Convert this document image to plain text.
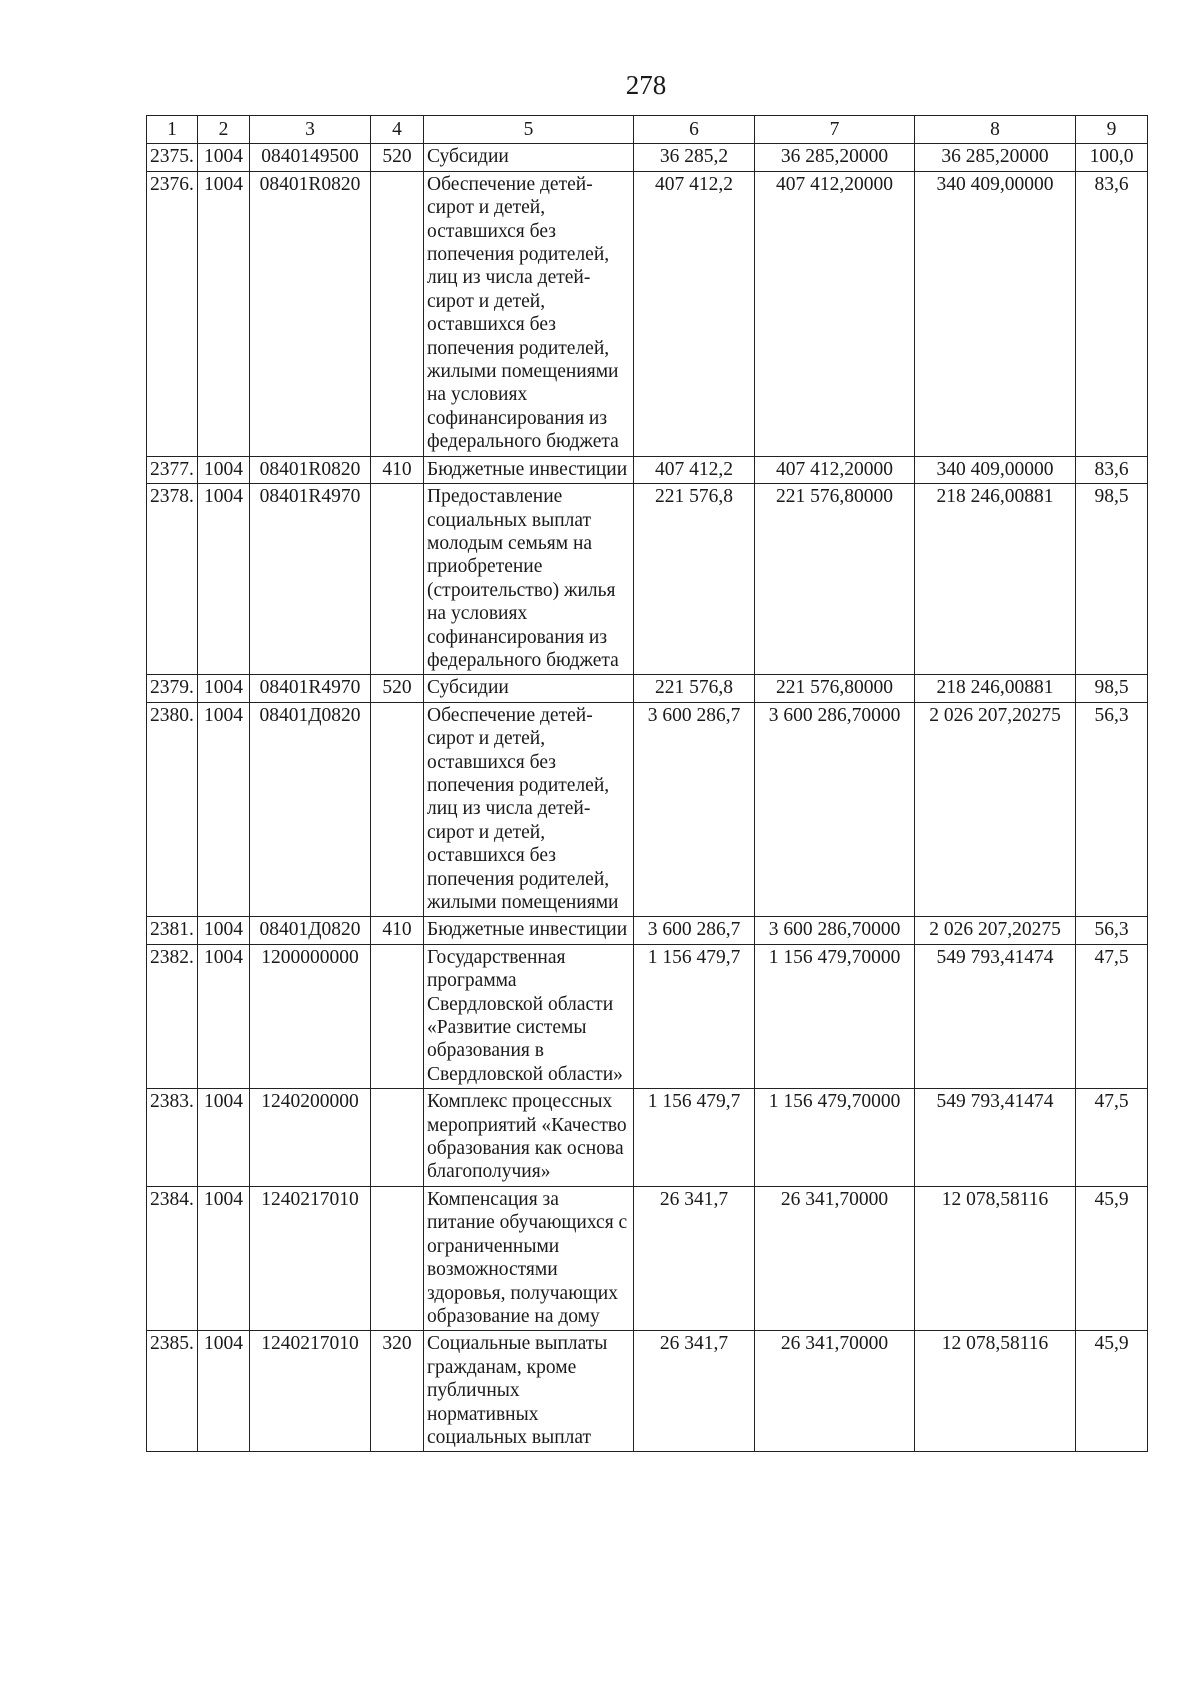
278
1	2	3	4	5	6	7	8	9
2375.	1004	0840149500	520	Субсидии	36 285,2	36 285,20000	36 285,20000	100,0
2376.	1004	08401R0820		Обеспечение детей-сирот и детей, оставшихся без попечения родителей, лиц из числа детей-сирот и детей, оставшихся без попечения родителей, жилыми помещениями на условиях софинансирования из федерального бюджета	407 412,2	407 412,20000	340 409,00000	83,6
2377.	1004	08401R0820	410	Бюджетные инвестиции	407 412,2	407 412,20000	340 409,00000	83,6
2378.	1004	08401R4970		Предоставление социальных выплат молодым семьям на приобретение (строительство) жилья на условиях софинансирования из федерального бюджета	221 576,8	221 576,80000	218 246,00881	98,5
2379.	1004	08401R4970	520	Субсидии	221 576,8	221 576,80000	218 246,00881	98,5
2380.	1004	08401Д0820		Обеспечение детей-сирот и детей, оставшихся без попечения родителей, лиц из числа детей-сирот и детей, оставшихся без попечения родителей, жилыми помещениями	3 600 286,7	3 600 286,70000	2 026 207,20275	56,3
2381.	1004	08401Д0820	410	Бюджетные инвестиции	3 600 286,7	3 600 286,70000	2 026 207,20275	56,3
2382.	1004	1200000000		Государственная программа Свердловской области «Развитие системы образования в Свердловской области»	1 156 479,7	1 156 479,70000	549 793,41474	47,5
2383.	1004	1240200000		Комплекс процессных мероприятий «Качество образования как основа благополучия»	1 156 479,7	1 156 479,70000	549 793,41474	47,5
2384.	1004	1240217010		Компенсация за питание обучающихся с ограниченными возможностями здоровья, получающих образование на дому	26 341,7	26 341,70000	12 078,58116	45,9
2385.	1004	1240217010	320	Социальные выплаты гражданам, кроме публичных нормативных социальных выплат	26 341,7	26 341,70000	12 078,58116	45,9
